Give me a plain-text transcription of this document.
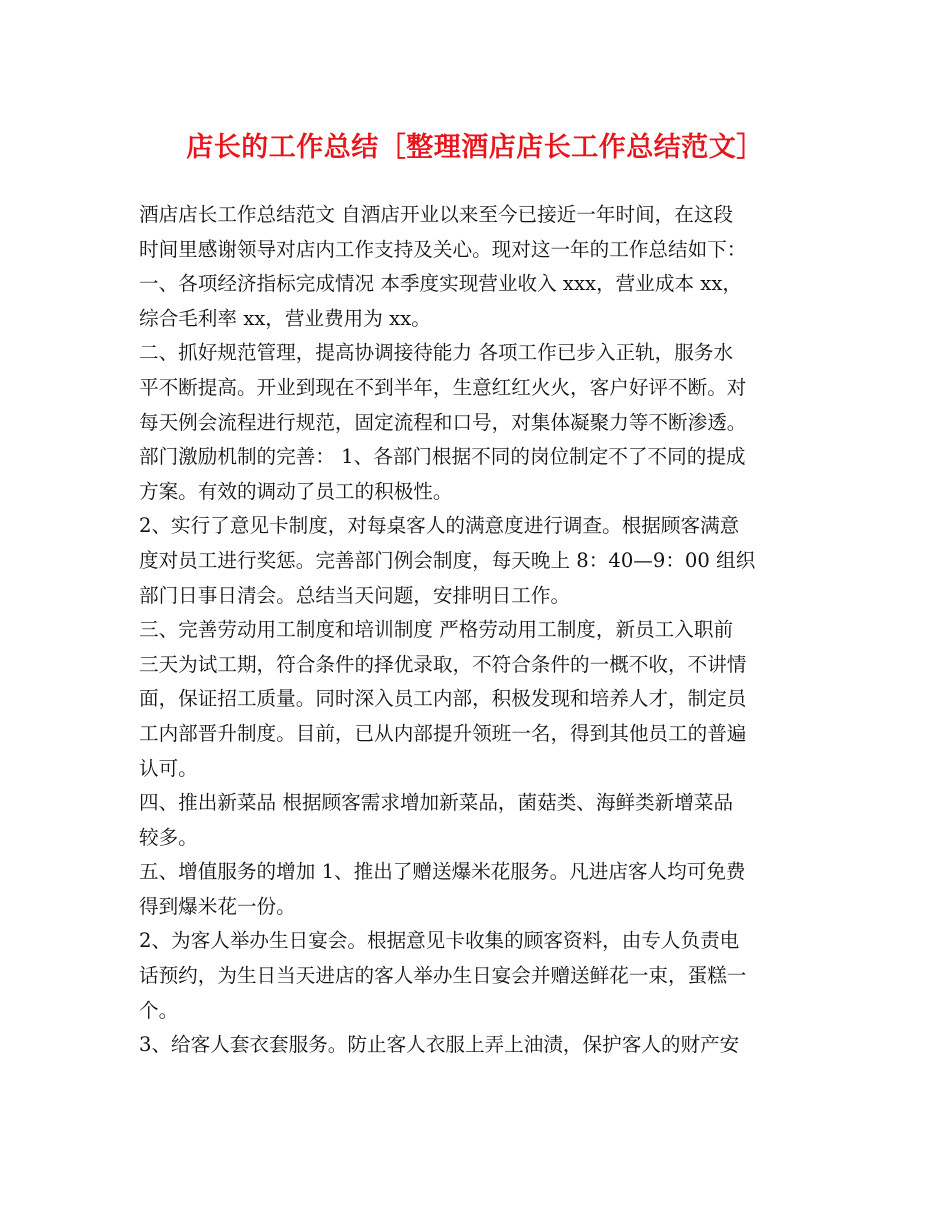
店长的工作总结［整理酒店店长工作总结范文］
酒店店长工作总结范文 自酒店开业以来至今已接近一年时间，在这段
时间里感谢领导对店内工作支持及关心。现对这一年的工作总结如下：
一、各项经济指标完成情况 本季度实现营业收入 xxx，营业成本 xx，
综合毛利率 xx，营业费用为 xx。
二、抓好规范管理，提高协调接待能力 各项工作已步入正轨，服务水
平不断提高。开业到现在不到半年，生意红红火火，客户好评不断。对
每天例会流程进行规范，固定流程和口号，对集体凝聚力等不断渗透。
部门激励机制的完善： 1、各部门根据不同的岗位制定不了不同的提成
方案。有效的调动了员工的积极性。
2、实行了意见卡制度，对每桌客人的满意度进行调查。根据顾客满意
度对员工进行奖惩。完善部门例会制度，每天晚上 8：40—9：00 组织
部门日事日清会。总结当天问题，安排明日工作。
三、完善劳动用工制度和培训制度 严格劳动用工制度，新员工入职前
三天为试工期，符合条件的择优录取，不符合条件的一概不收，不讲情
面，保证招工质量。同时深入员工内部，积极发现和培养人才，制定员
工内部晋升制度。目前，已从内部提升领班一名，得到其他员工的普遍
认可。
四、推出新菜品 根据顾客需求增加新菜品，菌菇类、海鲜类新增菜品
较多。
五、增值服务的增加 1、推出了赠送爆米花服务。凡进店客人均可免费
得到爆米花一份。
2、为客人举办生日宴会。根据意见卡收集的顾客资料，由专人负责电
话预约，为生日当天进店的客人举办生日宴会并赠送鲜花一束，蛋糕一
个。
3、给客人套衣套服务。防止客人衣服上弄上油渍，保护客人的财产安
